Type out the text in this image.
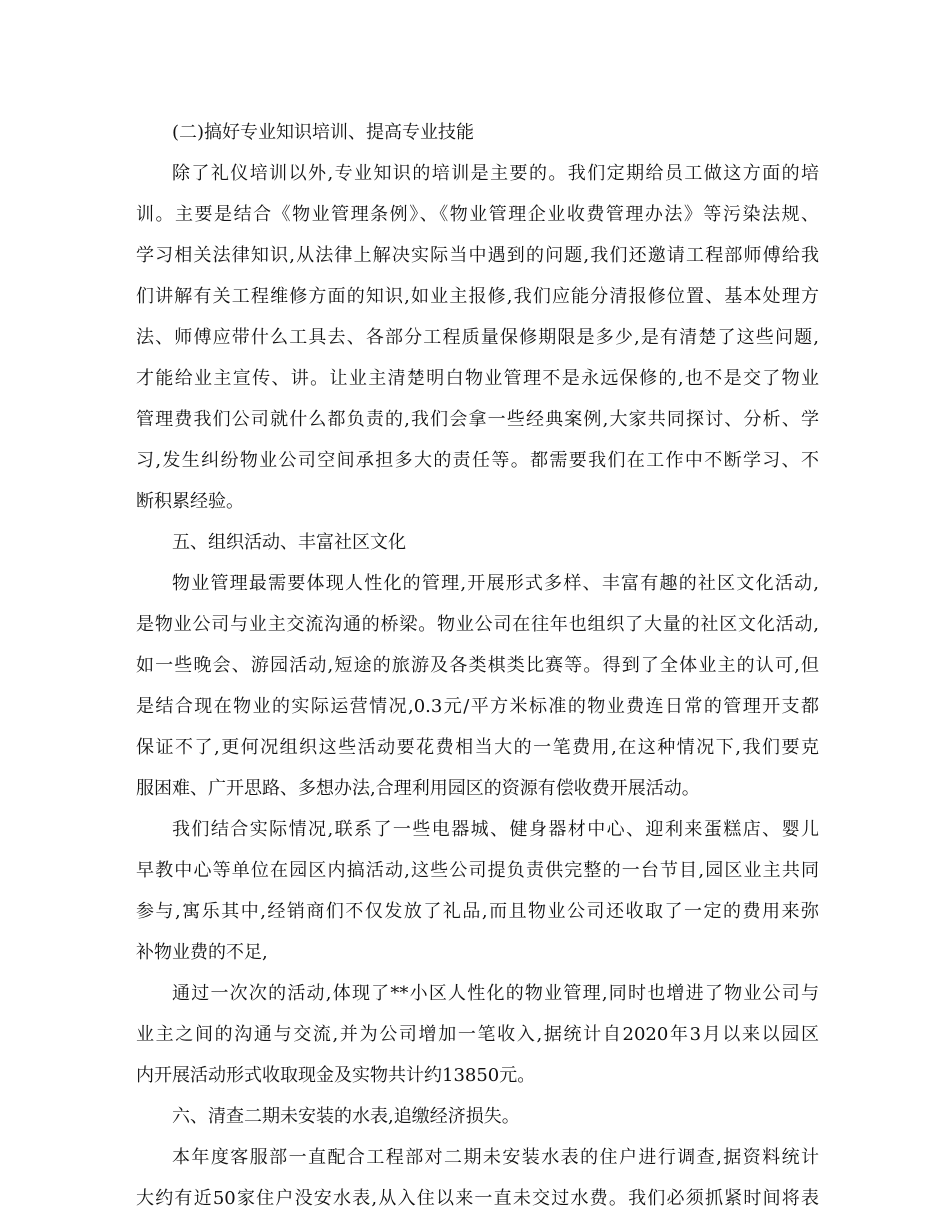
(二)搞好专业知识培训、提高专业技能
除了礼仪培训以外,专业知识的培训是主要的。我们定期给员工做这方面的培
训。主要是结合《物业管理条例》、《物业管理企业收费管理办法》等污染法规、
学习相关法律知识,从法律上解决实际当中遇到的问题,我们还邀请工程部师傅给我
们讲解有关工程维修方面的知识,如业主报修,我们应能分清报修位置、基本处理方
法、师傅应带什么工具去、各部分工程质量保修期限是多少,是有清楚了这些问题,
才能给业主宣传、讲。让业主清楚明白物业管理不是永远保修的,也不是交了物业
管理费我们公司就什么都负责的,我们会拿一些经典案例,大家共同探讨、分析、学
习,发生纠纷物业公司空间承担多大的责任等。都需要我们在工作中不断学习、不
断积累经验。
五、组织活动、丰富社区文化
物业管理最需要体现人性化的管理,开展形式多样、丰富有趣的社区文化活动,
是物业公司与业主交流沟通的桥梁。物业公司在往年也组织了大量的社区文化活动,
如一些晚会、游园活动,短途的旅游及各类棋类比赛等。得到了全体业主的认可,但
是结合现在物业的实际运营情况,0.3元/平方米标准的物业费连日常的管理开支都
保证不了,更何况组织这些活动要花费相当大的一笔费用,在这种情况下,我们要克
服困难、广开思路、多想办法,合理利用园区的资源有偿收费开展活动。
我们结合实际情况,联系了一些电器城、健身器材中心、迎利来蛋糕店、婴儿
早教中心等单位在园区内搞活动,这些公司提负责供完整的一台节目,园区业主共同
参与,寓乐其中,经销商们不仅发放了礼品,而且物业公司还收取了一定的费用来弥
补物业费的不足,
通过一次次的活动,体现了**小区人性化的物业管理,同时也增进了物业公司与
业主之间的沟通与交流,并为公司增加一笔收入,据统计自2020年3月以来以园区
内开展活动形式收取现金及实物共计约13850元。
六、清查二期未安装的水表,追缴经济损失。
本年度客服部一直配合工程部对二期未安装水表的住户进行调查,据资料统计
大约有近50家住户没安水表,从入住以来一直未交过水费。我们必须抓紧时间将表
